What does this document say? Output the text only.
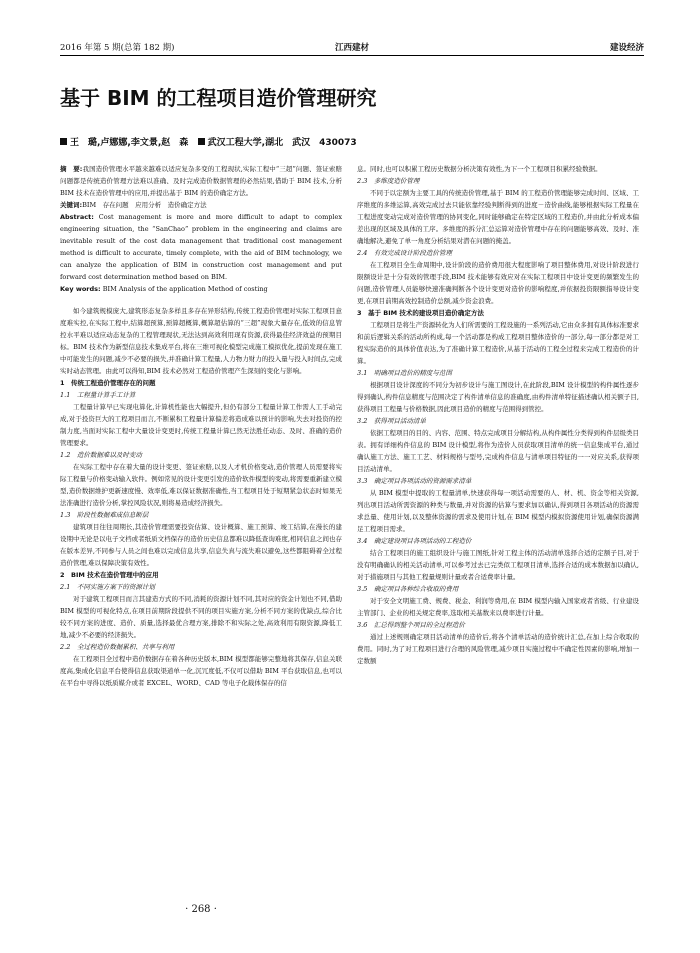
2016 年第 5 期(总第 182 期)	江西建材	建设经济
基于 BIM 的工程项目造价管理研究
王　璐,卢娜娜,李文景,赵　森 武汉工程大学,湖北　武汉　430073

摘　要:我国造价管理水平越来越难以适应复杂多变的工程现状,实际工程中“三超”问题、签证索赔问题都是传统造价管理方法难以准确、及时完成造价数据管理的必然结果,借助于 BIM 技术,分析 BIM 技术在造价管理中的应用,并提出基于 BIM 的造价确定方法。

关键词:BIM　存在问题　应用分析　造价确定方法

Abstract: Cost management is more and more difficult to adapt to complex engineering situation, the “SanChao” problem in the engineering and claims are inevitable result of the cost data management that traditional cost management method is difficult to accurate, timely complete, with the aid of BIM technology, we can analyze the application of BIM in construction cost management and put forward cost determination method based on BIM.

Key words: BIM Analysis of the application Method of costing

如今建筑规模庞大,建筑形态复杂多样且多存在异形结构,传统工程造价管理对实际工程项目意度难实控,在实际工程中,结算超预算,预算超概算,概算超估算的“三超”现象大量存在,低效的信息管控水平难以适应动态复杂的工程管理现状,无法达到高效利用现有资源,获得最佳经济效益的预期目标。BIM 技术作为新型信息技术集成平台,将在三维可视化模型完成施工模拟优化,提前发现在施工中可能发生的问题,减少不必要的损失,并准确计算工程量,人力物力财力的投入量与投入时间点,完成实时动态管理。由此可以得知,BIM 技术必然对工程造价管理产生深刻的变化与影响。

1　传统工程造价管理存在的问题

1.1　工程量计算手工计算

工程量计算早已实现电算化,计算机性能也大幅提升,但仍有部分工程量计算工作需人工手动完成,对于投资巨大的工程项目而言,不断累积工程量计算偏差将造成难以预计的影响,失去对投资的控制力度,当面对实际工程中大量设计变更时,传统工程量计算已然无法胜任动态、及时、准确的造价管理要求。

1.2　造价数据难以及时变动

在实际工程中存在着大量的设计变更、签证索赔,以及人才机价格变动,造价管理人员需要将实际工程量与价格变动输入软件。例如常见的设计变更引发的造价软件模型的变动,将需要重新建立模型,造价数据维护更新速度慢、效率低,难以保证数据准确性,当工程项目处于短期紧急状态时如果无法准确进行造价分析,掌控风险状况,则将易造成经济损失。

1.3　阶段性数据难成信息断层

建筑项目往往周期长,其造价管理需要投资估算、设计概算、施工预算、竣工结算,在漫长的建设期中无论是以电子文档或者纸质文档保存的造价历史信息都难以降低查询难度,相同信息之间也存在版本差异,不同参与人员之间也难以完成信息共享,信息失真与流失难以避免,这些都阻碍着全过程造价管理,难以保障决策有效性。

2　BIM 技术在造价管理中的应用

2.1　不同实施方案下的资源计划

对于建筑工程项目而言其建造方式的不同,消耗的资源计划不同,其对应的资金计划也不同,借助 BIM 模型的可视化特点,在项目前期阶段提供不同的项目实施方案,分析不同方案的优缺点,综合比较不同方案的进度、造价、质量,选择最优合理方案,排除不和实际之处,高效利用有限资源,降低工地,减少不必要的经济损失。

2.2　全过程造价数据累积、共享与利用

在工程项目全过程中造价数据存在着各种历史版本,BIM 模型都能够完整地将其保存,信息关联度高,集成化信息平台使得信息获取渠道单一化,沉冗度低,不仅可以借助 BIM 平台获取信息,也可以在平台中寻得以纸质媒介或者 EXCEL、WORD、CAD 等电子化载体保存的信

息。同时,也可以积累工程历史数据分析决策有效性,为下一个工程项目积累经验数据。

2.3　多维度造价管理

不同于以定额为主要工具的传统造价管理,基于 BIM 的工程造价管理能够完成时间、区域、工序维度的多维运算,高效完成过去只能依靠经验判断得到的进度－造价曲线,能够根据实际工程量在工程进度变动完成对造价管理的协同变化,同时能够确定在特定区域的工程造价,并由此分析成本偏差出现的区域及具体的工序。多维度的拆分汇总运算对造价管理中存在的问题能够高效、及时、准确地解决,避免了单一角度分析结果对潜在问题的掩盖。

2.4　有效完成设计阶段造价管理

在工程项目全生命周期中,设计阶段的造价费用很大程度影响了项目整体费用,对设计阶段进行限额设计是十分有效的管理手段,BIM 技术能够有效应对在实际工程项目中设计变更的频繁发生的问题,造价管理人员能够快速准确判断各个设计变更对造价的影响程度,并依据投资限额指导设计变更,在项目前期高效控制造价总额,减少资金浪费。

3　基于 BIM 技术的建设项目造价确定方法

工程项目是将生产资源转化为人们所需要的工程设施的一系列活动,它由众多拥有具体标准要求和前后逻辑关系的活动所构成,每一个活动都是构成工程项目整体造价的一部分,每一部分都是对工程实际造价的具体价值表达,为了准确计算工程造价,从基于活动的工程全过程来完成工程造价的计算。

3.1　明确项目造价的精度与范围

根据项目设计深度的不同分为初步设计与施工图设计,在此阶段,BIM 设计模型的构件属性逐步得到确认,构件信息精度与范围决定了构件清单信息的准确度,由构件清单特征描述确认相关额子目,获得项目工程量与价格数据,因此项目造价的精度与范围得到管控。

3.2　获得项目活动清单

依据工程项目的目的、内容、范围、特点完成项目分解结构,从构件属性分类得到构件层级类目表。拥有详细构件信息的 BIM 设计模型,将作为造价人员获取项目清单的统一信息集成平台,通过确认施工方法、施工工艺、材料规格与型号,完成构件信息与清单项目特征的一一对应关系,获得项目活动清单。

3.3　确定项目各项活动的资源需求清单

从 BIM 模型中提取的工程量清单,快速获得每一项活动需要的人、材、机、资金等相关资源,列出项目活动所需资源的种类与数量,并对资源的估算与要求加以确认,得到项目各项活动的资源需求总量、使用计划,以及整体资源的需求及使用计划,在 BIM 模型内模拟资源使用计划,确保资源满足工程项目需求。

3.4　确定建设项目各项活动的工程造价

结合工程项目的施工组织设计与施工图纸,针对工程主体的活动清单选择合适的定额子目,对于没有明确确认的相关活动清单,可以参考过去已完类似工程项目清单,选择合适的成本数据加以确认,对于措施项目与其他工程量规则计量或者合适费率计量。

3.5　确定项目各种综合收取的费用

对于安全文明施工费、规费、税金、利润等费用,在 BIM 模型内输入国家或者省级、行业建设主管部门、企业的相关规定费率,选取相关基数来以费率进行计量。

3.6　汇总得到整个项目的全过程造价

通过上述规则确定项目活动清单的造价后,将各个清单活动的造价统计汇总,在加上综合收取的费用。同时,为了对工程项目进行合理的风险管理,减少项目实施过程中不确定性因素的影响,增加一定数额

· 268 ·
